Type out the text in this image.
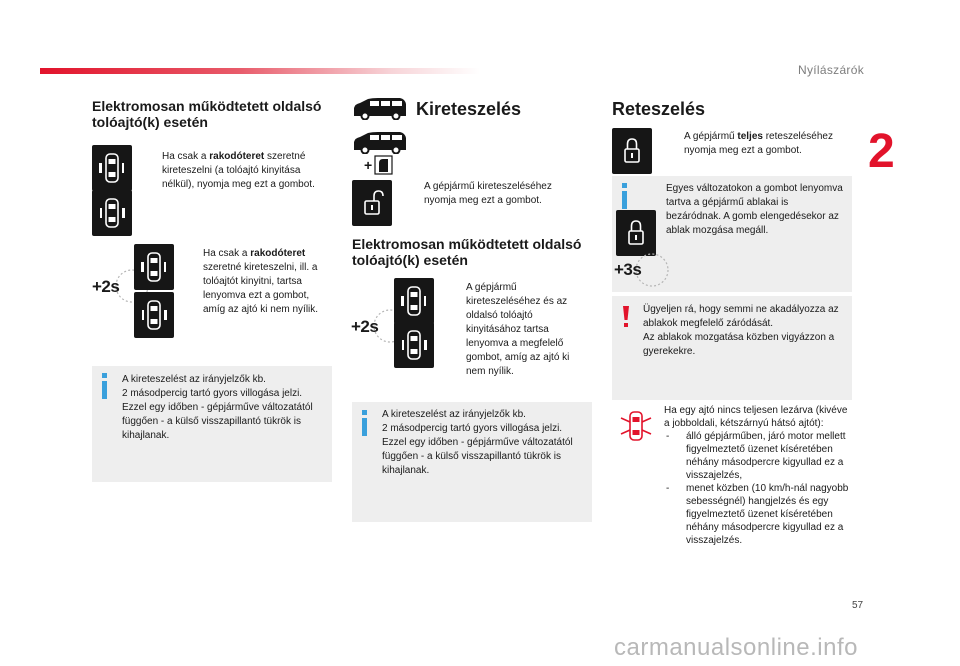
Nyílászárók
2
57
carmanualsonline.info
Elektromosan működtetett oldalsó tolóajtó(k) esetén
Ha csak a rakodóteret szeretné kireteszelni (a tolóajtó kinyitása nélkül), nyomja meg ezt a gombot.
+2s
Ha csak a rakodóteret szeretné kireteszelni, ill. a tolóajtót kinyitni, tartsa lenyomva ezt a gombot, amíg az ajtó ki nem nyílik.
A kireteszelést az irányjelzők kb.
2 másodpercig tartó gyors villogása jelzi.
Ezzel egy időben - gépjárműve változatától függően - a külső visszapillantó tükrök is kihajlanak.
Kireteszelés
+
A gépjármű kireteszeléséhez nyomja meg ezt a gombot.
Elektromosan működtetett oldalsó tolóajtó(k) esetén
+2s
A gépjármű kireteszeléséhez és az oldalsó tolóajtó kinyitásához tartsa lenyomva a megfelelő gombot, amíg az ajtó ki nem nyílik.
A kireteszelést az irányjelzők kb.
2 másodpercig tartó gyors villogása jelzi.
Ezzel egy időben - gépjárműve változatától függően - a külső visszapillantó tükrök is kihajlanak.
Reteszelés
A gépjármű teljes reteszeléséhez nyomja meg ezt a gombot.
Egyes változatokon a gombot lenyomva tartva a gépjármű ablakai is bezáródnak. A gomb elengedésekor az ablak mozgása megáll.
+3s
Ügyeljen rá, hogy semmi ne akadályozza az ablakok megfelelő záródását.
Az ablakok mozgatása közben vigyázzon a gyerekekre.
Ha egy ajtó nincs teljesen lezárva (kivéve a jobboldali, kétszárnyú hátsó ajtót):
- álló gépjárműben, járó motor mellett figyelmeztető üzenet kíséretében néhány másodpercre kigyullad ez a visszajelzés,
- menet közben (10 km/h-nál nagyobb sebességnél) hangjelzés és egy figyelmeztető üzenet kíséretében néhány másodpercre kigyullad ez a visszajelzés.
